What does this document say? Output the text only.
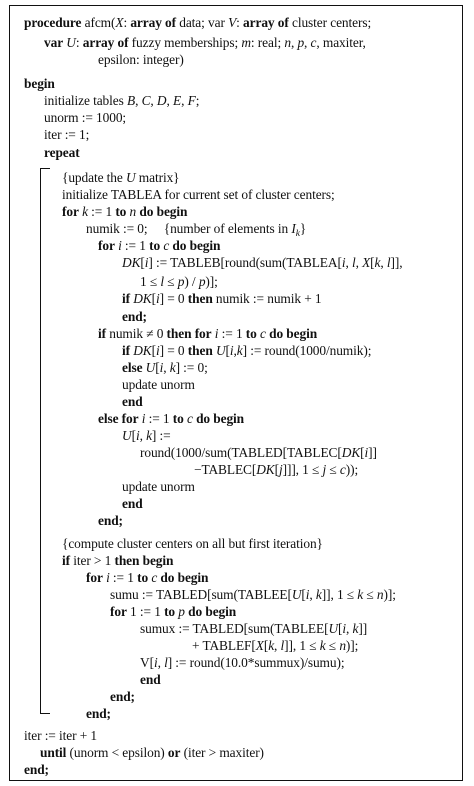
procedure afcm(X: array of data; var V: array of cluster centers;
var U: array of fuzzy memberships; m: real; n, p, c, maxiter,
epsilon: integer)
begin
initialize tables B, C, D, E, F;
unorm := 1000;
iter := 1;
repeat
{update the U matrix}
initialize TABLEA for current set of cluster centers;
for k := 1 to n do begin
numik := 0;     {number of elements in $I_k$}
for i := 1 to c do begin
DK[i] := TABLEB[round(sum(TABLEA[i, l, X[k, l]],
1 ≤ l ≤ p) / p)];
if DK[i] = 0 then numik := numik + 1
end;
if numik ≠ 0 then for i := 1 to c do begin
if DK[i] = 0 then U[i,k] := round(1000/numik);
else U[i, k] := 0;
update unorm
end
else for i := 1 to c do begin
U[i, k] :=
round(1000/sum(TABLED[TABLEC[DK[i]]
−TABLEC[DK[j]]], 1 ≤ j ≤ c));
update unorm
end
end;
{compute cluster centers on all but first iteration}
if iter > 1 then begin
for i := 1 to c do begin
sumu := TABLED[sum(TABLEE[U[i, k]], 1 ≤ k ≤ n)];
for 1 := 1 to p do begin
sumux := TABLED[sum(TABLEE[U[i, k]]
+ TABLEF[X[k, l]], 1 ≤ k ≤ n)];
V[i, l] := round(10.0*summux)/sumu);
end
end;
end;
iter := iter + 1
until (unorm < epsilon) or (iter > maxiter)
end;
